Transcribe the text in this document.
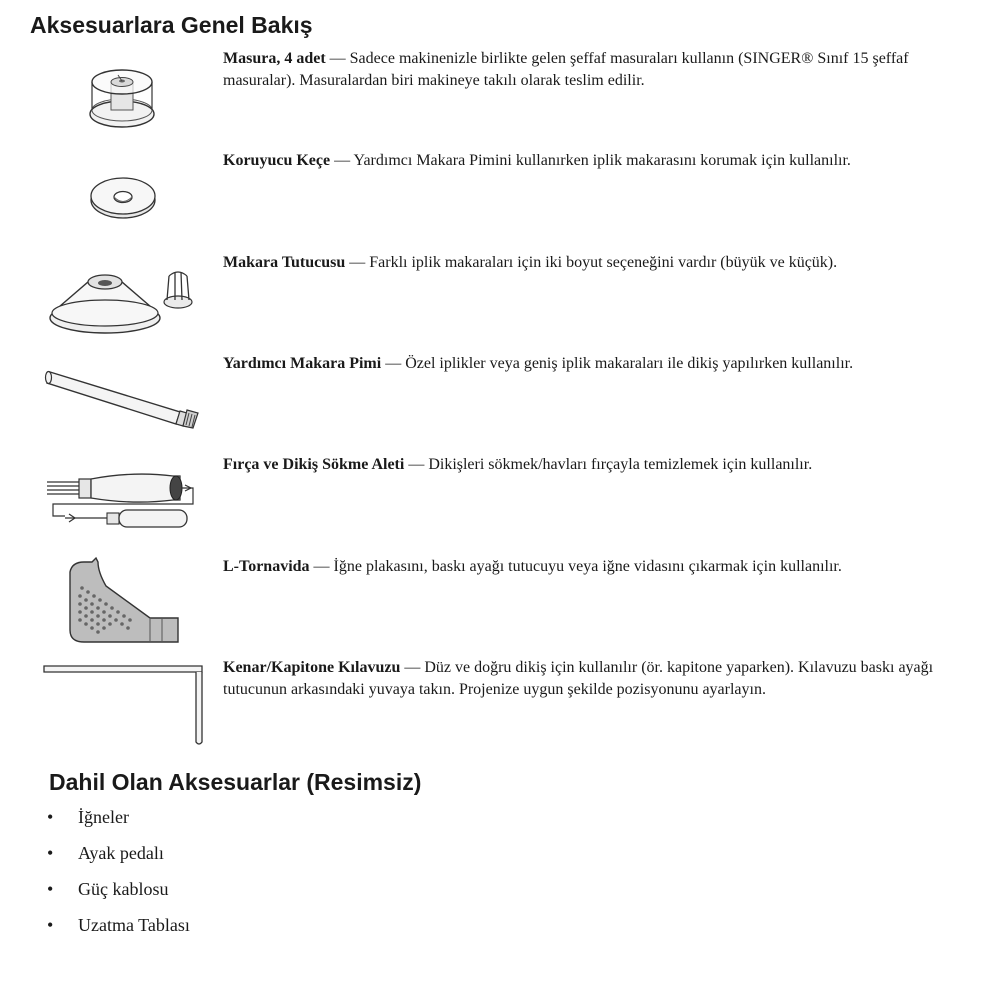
Aksesuarlara Genel Bakış

Masura, 4 adet — Sadece makinenizle birlikte gelen şeffaf masuraları kullanın (SINGER® Sınıf 15 şeffaf masuralar). Masuralardan biri makineye takılı olarak teslim edilir.

Koruyucu Keçe — Yardımcı Makara Pimini kullanırken iplik makarasını korumak için kullanılır.

Makara Tutucusu — Farklı iplik makaraları için iki boyut seçeneğini vardır (büyük ve küçük).

Yardımcı Makara Pimi — Özel iplikler veya geniş iplik makaraları ile dikiş yapılırken kullanılır.

Fırça ve Dikiş Sökme Aleti — Dikişleri sökmek/havları fırçayla temizlemek için kullanılır.

L-Tornavida — İğne plakasını, baskı ayağı tutucuyu veya iğne vidasını çıkarmak için kullanılır.

Kenar/Kapitone Kılavuzu — Düz ve doğru dikiş için kullanılır (ör. kapitone yaparken). Kılavuzu baskı ayağı tutucunun arkasındaki yuvaya takın. Projenize uygun şekilde pozisyonunu ayarlayın.

Dahil Olan Aksesuarlar (Resimsiz)
• İğneler
• Ayak pedalı
• Güç kablosu
• Uzatma Tablası
